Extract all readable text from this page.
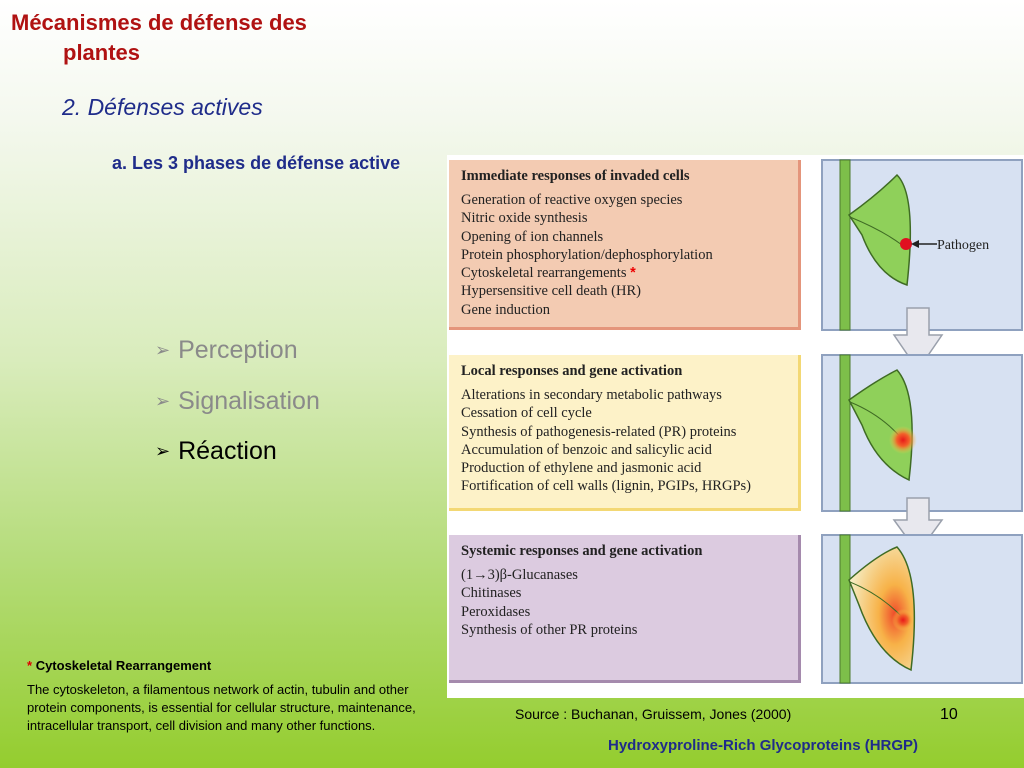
Mécanismes de défense des
plantes
2. Défenses actives
a. Les 3 phases de défense active
➢ Perception
➢ Signalisation
➢ Réaction
Immediate responses of invaded cells
Generation of reactive oxygen species
Nitric oxide synthesis
Opening of ion channels
Protein phosphorylation/dephosphorylation
Cytoskeletal rearrangements *
Hypersensitive cell death (HR)
Gene induction
Local responses and gene activation
Alterations in secondary metabolic pathways
Cessation of cell cycle
Synthesis of pathogenesis-related (PR) proteins
Accumulation of benzoic and salicylic acid
Production of ethylene and jasmonic acid
Fortification of cell walls (lignin, PGIPs, HRGPs)
Systemic responses and gene activation
(1→3)β-Glucanases
Chitinases
Peroxidases
Synthesis of other PR proteins
Pathogen
* Cytoskeletal Rearrangement
The cytoskeleton, a filamentous network of actin, tubulin and other protein components, is essential for cellular structure, maintenance, intracellular transport, cell division and many other functions.
Source : Buchanan, Gruissem, Jones (2000)	10
Hydroxyproline-Rich Glycoproteins (HRGP)
